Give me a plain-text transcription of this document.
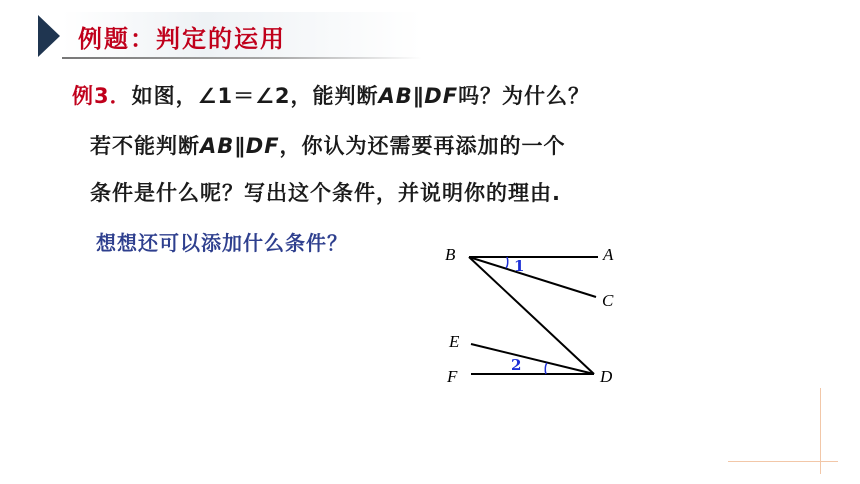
例题：判定的运用
例3．如图，∠1＝∠2，能判断AB∥DF吗？为什么？
若不能判断AB∥DF，你认为还需要再添加的一个
条件是什么呢？写出这个条件，并说明你的理由.
想想还可以添加什么条件？
1
2
B	A
C
E
F	D
